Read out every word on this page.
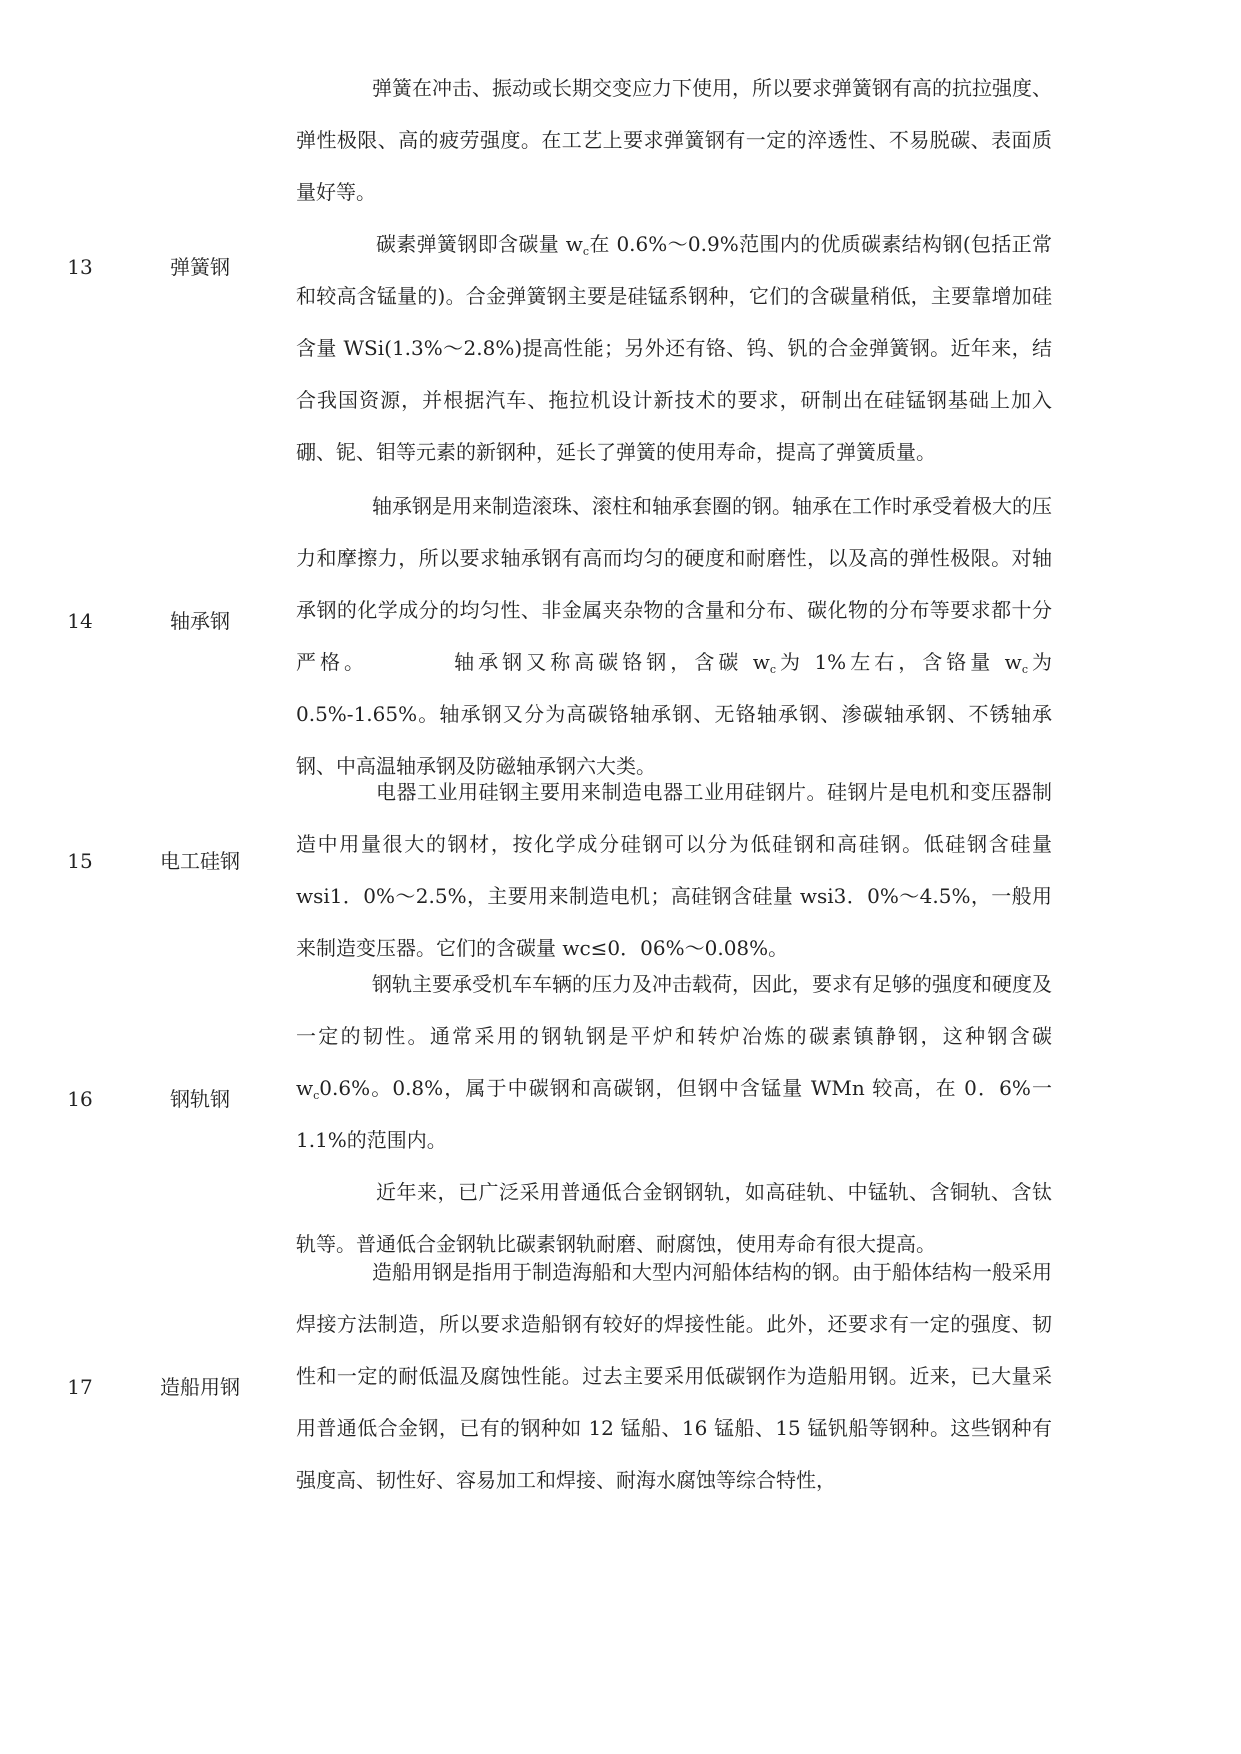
13	弹簧钢

弹簧在冲击、振动或长期交变应力下使用，所以要求弹簧钢有高的抗拉强度、弹性极限、高的疲劳强度。在工艺上要求弹簧钢有一定的淬透性、不易脱碳、表面质量好等。

碳素弹簧钢即含碳量 $w_c$在 0.6%～0.9%范围内的优质碳素结构钢(包括正常和较高含锰量的)。合金弹簧钢主要是硅锰系钢种，它们的含碳量稍低，主要靠增加硅含量 WSi(1.3%～2.8%)提高性能；另外还有铬、钨、钒的合金弹簧钢。近年来，结合我国资源，并根据汽车、拖拉机设计新技术的要求，研制出在硅锰钢基础上加入硼、铌、钼等元素的新钢种，延长了弹簧的使用寿命，提高了弹簧质量。

14	轴承钢

轴承钢是用来制造滚珠、滚柱和轴承套圈的钢。轴承在工作时承受着极大的压力和摩擦力，所以要求轴承钢有高而均匀的硬度和耐磨性，以及高的弹性极限。对轴承钢的化学成分的均匀性、非金属夹杂物的含量和分布、碳化物的分布等要求都十分严格。　　　　轴承钢又称高碳铬钢，含碳 $w_c$为 1%左右，含铬量 $w_c$为 0.5%-1.65%。轴承钢又分为高碳铬轴承钢、无铬轴承钢、渗碳轴承钢、不锈轴承钢、中高温轴承钢及防磁轴承钢六大类。

15	电工硅钢

电器工业用硅钢主要用来制造电器工业用硅钢片。硅钢片是电机和变压器制造中用量很大的钢材，按化学成分硅钢可以分为低硅钢和高硅钢。低硅钢含硅量 wsi1．0%～2.5%，主要用来制造电机；高硅钢含硅量 wsi3．0%～4.5%，一般用来制造变压器。它们的含碳量 wc≤0．06%～0.08%。

16	钢轨钢

钢轨主要承受机车车辆的压力及冲击载荷，因此，要求有足够的强度和硬度及一定的韧性。通常采用的钢轨钢是平炉和转炉冶炼的碳素镇静钢，这种钢含碳 $w_c0.6\%$。0.8%，属于中碳钢和高碳钢，但钢中含锰量 WMn 较高，在 0．6%一 1.1%的范围内。

近年来，已广泛采用普通低合金钢钢轨，如高硅轨、中锰轨、含铜轨、含钛轨等。普通低合金钢轨比碳素钢轨耐磨、耐腐蚀，使用寿命有很大提高。

17	造船用钢

造船用钢是指用于制造海船和大型内河船体结构的钢。由于船体结构一般采用焊接方法制造，所以要求造船钢有较好的焊接性能。此外，还要求有一定的强度、韧性和一定的耐低温及腐蚀性能。过去主要采用低碳钢作为造船用钢。近来，已大量采用普通低合金钢，已有的钢种如 12 锰船、16 锰船、15 锰钒船等钢种。这些钢种有强度高、韧性好、容易加工和焊接、耐海水腐蚀等综合特性，
